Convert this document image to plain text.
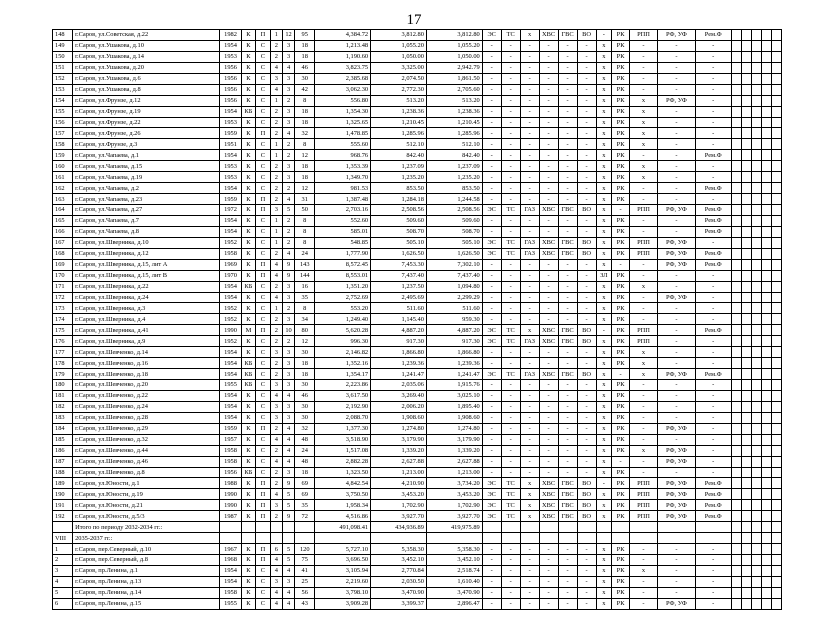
17
148	г.Саров, ул.Советская, д.22	1982	К	П	1	12	95	4,384.72	3,812.80	3,812.80	ЭС	ТС	х	ХВС	ГВС	ВО	-	РК	РПП	РФ, УФ	Рем.Ф					
149	г.Саров, ул.Ушакова, д.10	1954	К	С	2	3	18	1,213.48	1,055.20	1,055.20	-	-	-	-	-	-	х	РК	-	-	-					
150	г.Саров, ул.Ушакова, д.14	1953	К	С	2	3	18	1,190.60	1,050.00	1,050.00	-	-	-	-	-	-	х	РК	-	-	-					
151	г.Саров, ул.Ушакова, д.20	1956	К	С	4	4	46	3,823.75	3,325.00	2,942.79	-	-	-	-	-	-	х	РК	-	-	-					
152	г.Саров, ул.Ушакова, д.6	1956	К	С	3	3	30	2,385.68	2,074.50	1,861.50	-	-	-	-	-	-	х	РК	-	-	-					
153	г.Саров, ул.Ушакова, д.8	1956	К	С	4	3	42	3,062.30	2,772.30	2,705.60	-	-	-	-	-	-	х	РК	-	-	-					
154	г.Саров, ул.Фрунзе, д.12	1956	К	С	1	2	8	556.80	513.20	513.20	-	-	-	-	-	-	х	РК	х	РФ, УФ	-					
155	г.Саров, ул.Фрунзе, д.19	1954	КБ	С	2	3	18	1,354.30	1,238.36	1,238.36	-	-	-	-	-	-	х	РК	х	-	-					
156	г.Саров, ул.Фрунзе, д.22	1953	К	С	2	3	18	1,325.65	1,210.45	1,210.45	-	-	-	-	-	-	х	РК	х	-	-					
157	г.Саров, ул.Фрунзе, д.26	1959	К	П	2	4	32	1,478.85	1,285.96	1,285.96	-	-	-	-	-	-	х	РК	х	-	-					
158	г.Саров, ул.Фрунзе, д.3	1951	К	С	1	2	8	555.60	512.10	512.10	-	-	-	-	-	-	х	РК	х	-	-					
159	г.Саров, ул.Чапаева, д.1	1954	К	С	1	2	12	968.76	842.40	842.40	-	-	-	-	-	-	х	РК	-	-	Рем.Ф					
160	г.Саров, ул.Чапаева, д.15	1953	К	С	2	3	18	1,353.39	1,237.09	1,237.09	-	-	-	-	-	-	х	РК	х	-	-					
161	г.Саров, ул.Чапаева, д.19	1953	К	С	2	3	18	1,349.70	1,235.20	1,235.20	-	-	-	-	-	-	х	РК	х	-	-					
162	г.Саров, ул.Чапаева, д.2	1954	К	С	2	2	12	981.53	853.50	853.50	-	-	-	-	-	-	х	РК	-	-	Рем.Ф					
163	г.Саров, ул.Чапаева, д.23	1959	К	П	2	4	31	1,387.48	1,284.18	1,244.58	-	-	-	-	-	-	х	РК	-	-	-					
164	г.Саров, ул.Чапаева, д.27	1972	К	П	3	5	50	2,703.16	2,508.56	2,508.56	ЭС	ТС	ГАЗ	ХВС	ГВС	ВО	х	-	РПП	РФ, УФ	Рем.Ф					
165	г.Саров, ул.Чапаева, д.7	1954	К	С	1	2	8	552.60	509.60	509.60	-	-	-	-	-	-	х	РК	-	-	Рем.Ф					
166	г.Саров, ул.Чапаева, д.8	1954	К	С	1	2	8	585.01	508.70	508.70	-	-	-	-	-	-	х	РК	-	-	Рем.Ф					
167	г.Саров, ул.Шверника, д.10	1952	К	С	1	2	8	548.85	505.10	505.10	ЭС	ТС	ГАЗ	ХВС	ГВС	ВО	х	РК	РПП	РФ, УФ	-					
168	г.Саров, ул.Шверника, д.12	1958	К	С	2	4	24	1,777.90	1,626.50	1,626.50	ЭС	ТС	ГАЗ	ХВС	ГВС	ВО	х	РК	РПП	РФ, УФ	Рем.Ф					
169	г.Саров, ул.Шверника, д.15, лит А	1969	К	П	4	9	143	8,572.45	7,453.30	7,302.10	-	-	-	-	-	-	х	-	-	РФ, УФ	Рем.Ф					
170	г.Саров, ул.Шверника, д.15, лит В	1970	К	П	4	9	144	8,553.01	7,437.40	7,437.40	-	-	-	-	-	-	ЗЛ	РК	-	-	-					
171	г.Саров, ул.Шверника, д.22	1954	КБ	С	2	3	16	1,351.20	1,237.50	1,094.80	-	-	-	-	-	-	х	РК	х	-	-					
172	г.Саров, ул.Шверника, д.24	1954	К	С	4	3	35	2,752.69	2,495.69	2,299.29	-	-	-	-	-	-	х	РК	-	РФ, УФ	-					
173	г.Саров, ул.Шверника, д.3	1952	К	С	1	2	8	553.20	511.60	511.60	-	-	-	-	-	-	х	РК	-	-	-					
174	г.Саров, ул.Шверника, д.4	1952	К	С	2	3	34	1,249.40	1,145.40	959.30	-	-	-	-	-	-	х	РК	-	-	-					
175	г.Саров, ул.Шверника, д.41	1990	М	П	2	10	80	5,620.28	4,887.20	4,887.20	ЭС	ТС	х	ХВС	ГВС	ВО	-	РК	РПП	-	Рем.Ф					
176	г.Саров, ул.Шверника, д.9	1952	К	С	2	2	12	996.30	917.30	917.30	ЭС	ТС	ГАЗ	ХВС	ГВС	ВО	х	РК	РПП	-	-					
177	г.Саров, ул.Шевченко, д.14	1954	К	С	3	3	30	2,146.82	1,866.80	1,866.80	-	-	-	-	-	-	х	РК	х	-	-					
178	г.Саров, ул.Шевченко, д.16	1954	КБ	С	2	3	18	1,352.16	1,239.36	1,239.36	-	-	-	-	-	-	х	РК	х	-	-					
179	г.Саров, ул.Шевченко, д.18	1954	КБ	С	2	3	18	1,354.17	1,241.47	1,241.47	ЭС	ТС	ГАЗ	ХВС	ГВС	ВО	х	-	х	РФ, УФ	Рем.Ф					
180	г.Саров, ул.Шевченко, д.20	1955	КБ	С	3	3	30	2,223.86	2,035.06	1,915.76	-	-	-	-	-	-	х	РК	-	-	-					
181	г.Саров, ул.Шевченко, д.22	1954	К	С	4	4	46	3,617.50	3,269.40	3,025.10	-	-	-	-	-	-	х	РК	-	-	-					
182	г.Саров, ул.Шевченко, д.24	1954	К	С	3	3	30	2,192.90	2,006.20	1,895.40	-	-	-	-	-	-	х	РК	-	-	-					
183	г.Саров, ул.Шевченко, д.28	1954	К	С	3	3	30	2,088.70	1,908.60	1,908.60	-	-	-	-	-	-	х	РК	-	-	-					
184	г.Саров, ул.Шевченко, д.29	1959	К	П	2	4	32	1,377.30	1,274.80	1,274.80	-	-	-	-	-	-	х	РК	-	РФ, УФ	-					
185	г.Саров, ул.Шевченко, д.32	1957	К	С	4	4	48	3,518.90	3,179.90	3,179.90	-	-	-	-	-	-	х	РК	-	-	-					
186	г.Саров, ул.Шевченко, д.44	1958	К	С	2	4	24	1,517.08	1,339.20	1,339.20	-	-	-	-	-	-	х	РК	х	РФ, УФ	-					
187	г.Саров, ул.Шевченко, д.46	1958	К	С	4	4	48	2,882.28	2,627.88	2,627.88	-	-	-	-	-	-	х	-	-	РФ, УФ	-					
188	г.Саров, ул.Шевченко, д.8	1956	КБ	С	2	3	18	1,323.50	1,213.00	1,213.00	-	-	-	-	-	-	х	РК	-	-	-					
189	г.Саров, ул.Юности, д.1	1988	К	П	2	9	69	4,842.54	4,210.90	3,734.20	ЭС	ТС	х	ХВС	ГВС	ВО	-	РК	РПП	РФ, УФ	Рем.Ф					
190	г.Саров, ул.Юности, д.19	1990	К	П	4	5	69	3,750.50	3,453.20	3,453.20	ЭС	ТС	х	ХВС	ГВС	ВО	х	РК	РПП	РФ, УФ	Рем.Ф					
191	г.Саров, ул.Юности, д.21	1990	К	П	3	5	35	1,958.34	1,702.90	1,702.90	ЭС	ТС	х	ХВС	ГВС	ВО	х	РК	РПП	РФ, УФ	Рем.Ф					
192	г.Саров, ул.Юности, д.5/3	1987	К	П	2	9	72	4,516.86	3,927.70	3,927.70	ЭС	ТС	х	ХВС	ГВС	ВО	х	РК	РПП	РФ, УФ	Рем.Ф					
	Итого по периоду 2032-2034 гг.:							491,098.41	434,936.89	419,975.89																
VIII	2035-2037 гг.:																									
1	г.Саров, пер.Северный, д.10	1967	К	П	6	5	120	5,727.10	5,358.30	5,358.30	-	-	-	-	-	-	х	РК	-	-	-					
2	г.Саров, пер.Северный, д.8	1968	К	П	4	5	75	3,696.50	3,452.10	3,452.10	-	-	-	-	-	-	х	РК	-	-	-					
3	г.Саров, пр.Ленина, д.1	1954	К	С	4	4	41	3,105.94	2,770.84	2,518.74	-	-	-	-	-	-	х	РК	х	-	-					
4	г.Саров, пр.Ленина, д.13	1954	К	С	3	3	25	2,219.60	2,030.50	1,610.40	-	-	-	-	-	-	х	РК	-	-	-					
5	г.Саров, пр.Ленина, д.14	1958	К	С	4	4	56	3,798.10	3,470.90	3,470.90	-	-	-	-	-	-	х	РК	-	-	-					
6	г.Саров, пр.Ленина, д.15	1955	К	С	4	4	43	3,909.28	3,399.37	2,896.47	-	-	-	-	-	-	х	РК	-	РФ, УФ	-					
